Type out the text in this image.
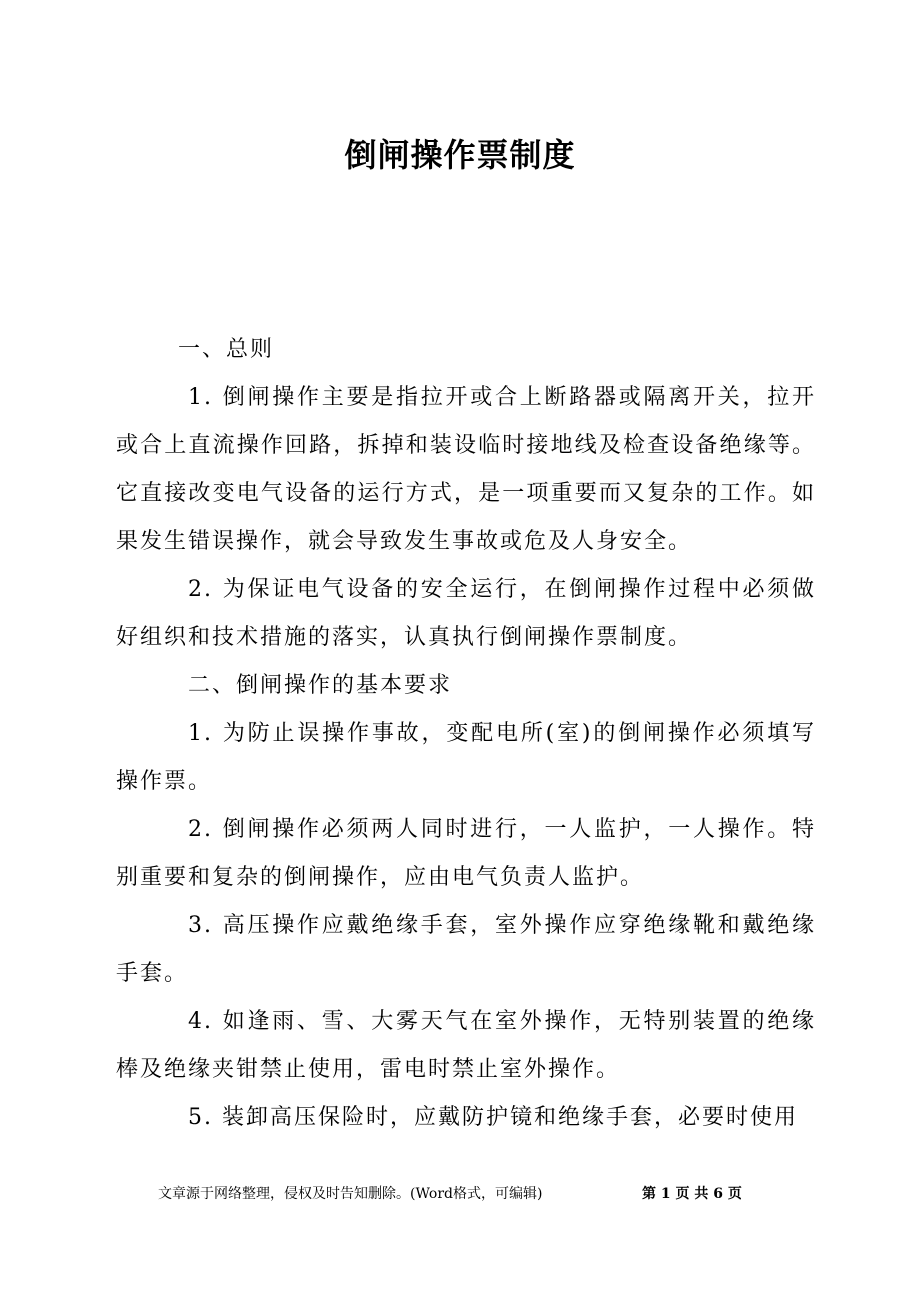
倒闸操作票制度

一、总则

1. 倒闸操作主要是指拉开或合上断路器或隔离开关，拉开或合上直流操作回路，拆掉和装设临时接地线及检查设备绝缘等。它直接改变电气设备的运行方式，是一项重要而又复杂的工作。如果发生错误操作，就会导致发生事故或危及人身安全。

2. 为保证电气设备的安全运行，在倒闸操作过程中必须做好组织和技术措施的落实，认真执行倒闸操作票制度。

二、倒闸操作的基本要求

1. 为防止误操作事故，变配电所(室)的倒闸操作必须填写操作票。

2. 倒闸操作必须两人同时进行，一人监护，一人操作。特别重要和复杂的倒闸操作，应由电气负责人监护。

3. 高压操作应戴绝缘手套，室外操作应穿绝缘靴和戴绝缘手套。

4. 如逢雨、雪、大雾天气在室外操作，无特别装置的绝缘棒及绝缘夹钳禁止使用，雷电时禁止室外操作。

5. 装卸高压保险时，应戴防护镜和绝缘手套，必要时使用

文章源于网络整理，侵权及时告知删除。(Word格式，可编辑)	第 1 页 共 6 页
